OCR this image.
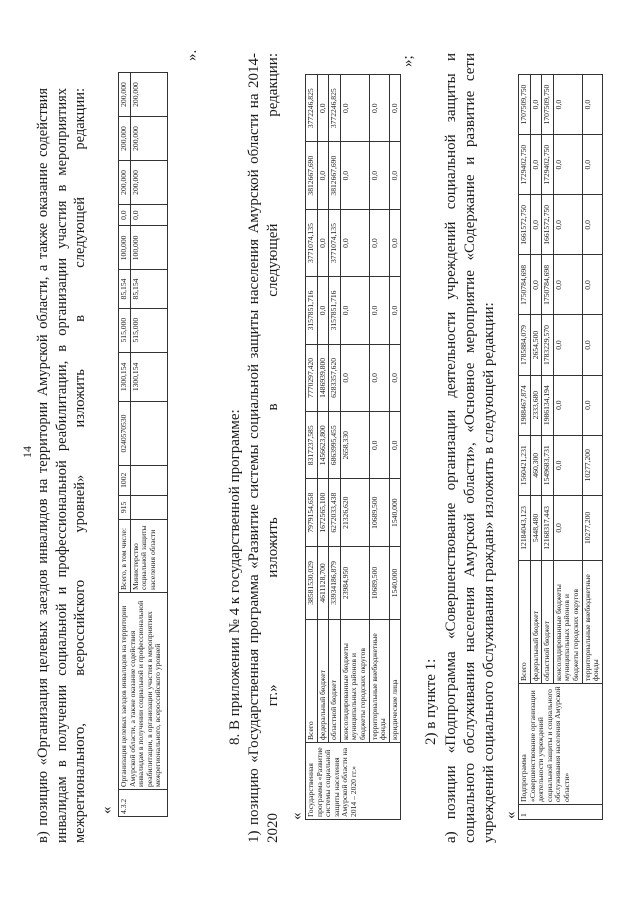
14 в) позицию «Организация целевых заездов инвалидов на территории Амурской области, а также оказание содействия инвалидам в получении социальной и профессиональной реабилитации, в организации участия в мероприятиях межрегионального, всероссийского уровней» изложить в следующей редакции: « 4.3.2	Организация целевых заездов инвалидов на территории Амурской области, а также оказание содействия инвалидам в получении социальной и профессиональной реабилитации, в организации участия в мероприятиях межрегионального, всероссийского уровней	Всего, в том числе:	915	1002	0240570530	1300,154	515,000	85,154	100,000	0,0	200,000	200,000	200,000
		Министерство социальной защиты населения области				1300,154	515,000	85,154	100,000	0,0	200,000	200,000	200,000
».
8. В приложении № 4 к государственной программе: 1) позицию «Государственная программа «Развитие системы социальной защиты населения Амурской области на 2014-2020 гг.» изложить в следующей редакции: « Государственная программа «Развитие системы социальной защиты населения Амурской области на 2014 – 2020 гг.»	Всего	38581530,029	7979154,658	8317237,585	7770297,420	3157851,716	3771074,135	3812667,690	3772246,825
	федеральный бюджет	4611128,700	1672565,100	1456623,800	1486939,800	0,0	0,0	0,0	0,0
	областной бюджет	33934186,879	6272033,438	6863995,455	6283357,620	3157851,716	3771074,135	3812667,690	3772246,825
	консолидированные бюджеты муниципальных районов и бюджеты городских округов	23984,950	21326,620	2658,330	0,0	0,0	0,0	0,0	0,0
	территориальные внебюджетные фонды	10689,500	10689,500	0,0	0,0	0,0	0,0	0,0	0,0
	юридические лица	1540,000	1540,000	0,0	0,0	0,0	0,0	0,0	0,0
»;
2) в пункте 1: а) позиции «Подпрограмма «Совершенствование организации деятельности учреждений социальной защиты и социального обслуживания населения Амурской области», «Основное мероприятие «Содержание и развитие сети учреждений социального обслуживания граждан» изложить в следующей редакции: « 1	Подпрограмма «Совершенствование организации деятельности учреждений социальной защиты и социального обслуживания населения Амурской области»	Всего	12184043,123	1560421,231	1988467,874	1785884,079	1750784,698	1661572,750	1729402,750	1707509,750
		федеральный бюджет	5448,480	460,300	2333,680	2654,500	0,0	0,0	0,0	0,0
		областной бюджет	12168317,443	1549683,731	1986134,194	1783229,570	1750784,698	1661572,750	1729402,750	1707509,750
		консолидированные бюджеты муниципальных районов и бюджеты городских округов	0,0	0,0	0,0	0,0	0,0	0,0	0,0	0,0
		территориальные внебюджетные фонды	10277,200	10277,200	0,0	0,0	0,0	0,0	0,0	0,0
